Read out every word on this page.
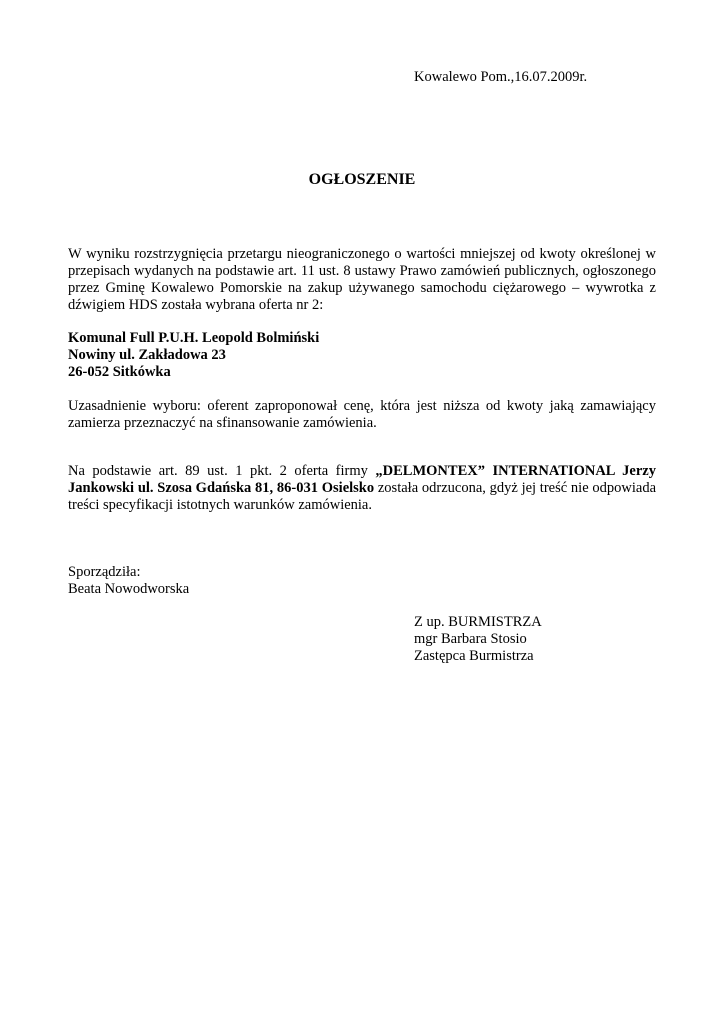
Kowalewo Pom.,16.07.2009r.
OGŁOSZENIE
W wyniku rozstrzygnięcia przetargu nieograniczonego o wartości mniejszej od kwoty określonej w przepisach wydanych na podstawie art. 11 ust. 8 ustawy Prawo zamówień publicznych, ogłoszonego przez Gminę Kowalewo Pomorskie na zakup używanego samochodu ciężarowego – wywrotka z dźwigiem HDS została wybrana oferta nr 2:
Komunal Full P.U.H. Leopold Bolmiński
Nowiny ul. Zakładowa 23
26-052 Sitkówka
Uzasadnienie wyboru: oferent zaproponował cenę, która jest niższa od kwoty jaką zamawiający zamierza przeznaczyć na sfinansowanie zamówienia.
Na podstawie art. 89 ust. 1 pkt. 2 oferta firmy „DELMONTEX” INTERNATIONAL Jerzy Jankowski ul. Szosa Gdańska 81, 86-031 Osielsko została odrzucona, gdyż jej treść nie odpowiada treści specyfikacji istotnych warunków zamówienia.
Sporządziła:
Beata Nowodworska
Z up. BURMISTRZA
mgr Barbara Stosio
Zastępca Burmistrza
